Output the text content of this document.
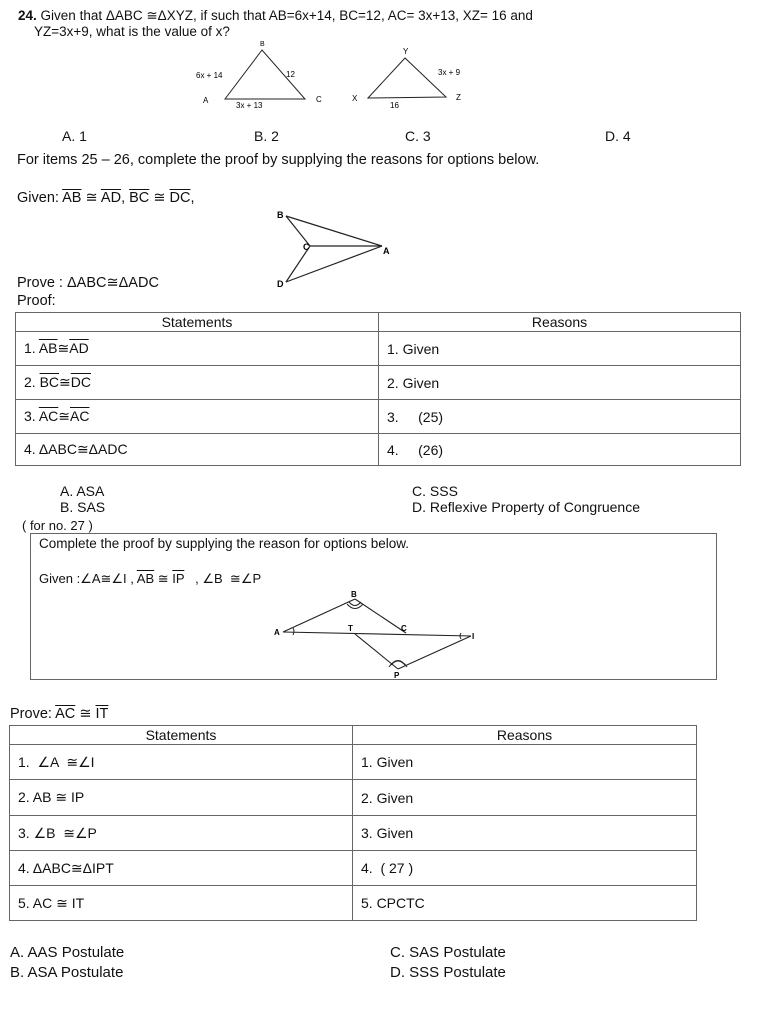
24. Given that ΔABC ≅ΔXYZ, if such that AB=6x+14, BC=12, AC= 3x+13, XZ= 16 and
YZ=3x+9, what is the value of x?
B
A	C
6x + 14	12
3x + 13
Y
X	Z
3x + 9
16
A. 1	B. 2	C. 3	D. 4
For items 25 – 26, complete the proof by supplying the reasons for options below.
Given: $\overline{AB}$ ≅ $\overline{AD}$, $\overline{BC}$ ≅ $\overline{DC}$,
B
C	A
D
Prove : ΔABC≅ΔADC
Proof:
Statements	Reasons
1. $\overline{AB}≅\overline{AD}$	1. Given
2. $\overline{BC}≅\overline{DC}$	2. Given
3. $\overline{AC}≅\overline{AC}$	3.     (25)
4. ΔABC≅ΔADC	4.     (26)
A. ASA
B. SAS
C. SSS
D. Reflexive Property of Congruence
( for no. 27 )
Complete the proof by supplying the reason for options below.
Given :∠A≅∠I , $\overline{AB}$ ≅ $\overline{IP}$   , ∠B  ≅∠P
B
A	T	C
I
P
Prove: $\overline{AC}$ ≅ $\overline{IT}$
Statements	Reasons
1.  ∠A  ≅∠I	1. Given
2. AB ≅ IP	2. Given
3. ∠B  ≅∠P	3. Given
4. ΔABC≅ΔIPT	4.  ( 27 )
5. AC ≅ IT	5. CPCTC
A. AAS Postulate
B. ASA Postulate
C. SAS Postulate
D. SSS Postulate
